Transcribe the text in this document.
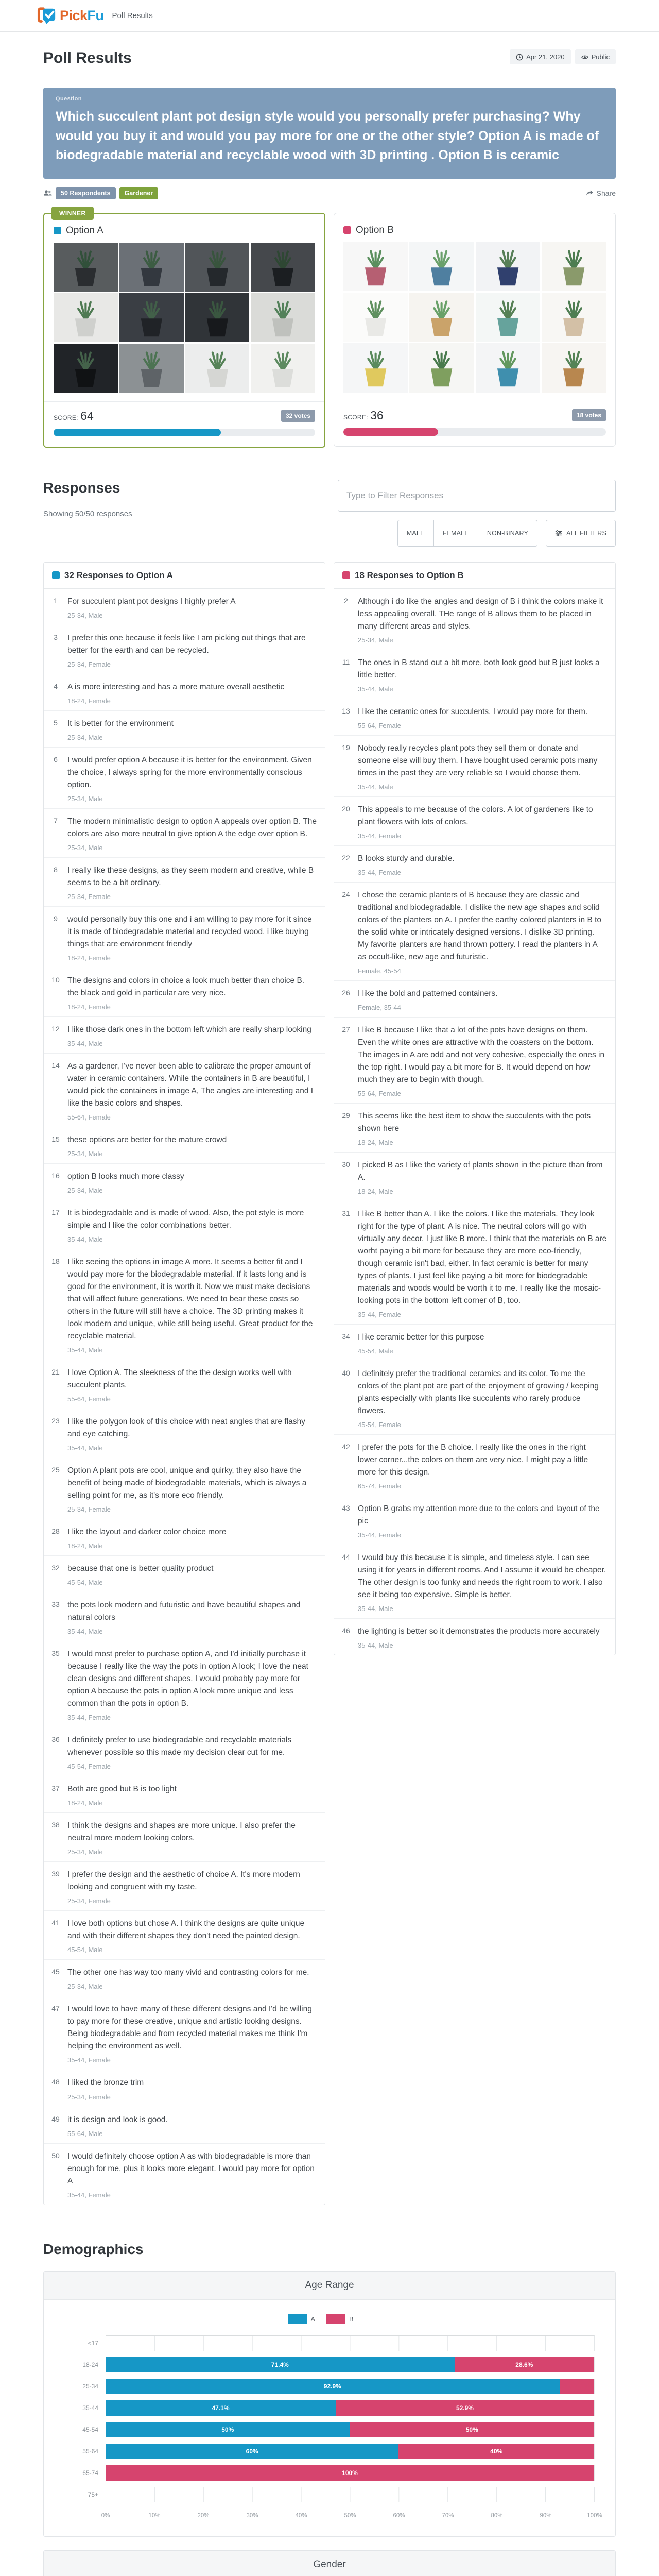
PickFu Poll Results
Poll Results	Apr 21, 2020	Public
Question
Which succulent plant pot design style would you personally prefer purchasing? Why would you buy it and would you pay more for one or the other style? Option A is made of biodegradable material and recyclable wood with 3D printing . Option B is ceramic
50 Respondents	Gardener	Share
WINNER
Option A
SCORE: 64	32 votes
Option B
SCORE: 36	18 votes
Responses
Showing 50/50 responses
Type to Filter Responses
MALE	FEMALE	NON-BINARY	ALL FILTERS
32 Responses to Option A
1	For succulent plant pot designs I highly prefer A
25-34, Male
3	I prefer this one because it feels like I am picking out things that are better for the earth and can be recycled.
25-34, Female
4	A is more interesting and has a more mature overall aesthetic
18-24, Female
5	It is better for the environment
25-34, Male
6	I would prefer option A because it is better for the environment. Given the choice, I always spring for the more environmentally conscious option.
25-34, Male
7	The modern minimalistic design to option A appeals over option B. The colors are also more neutral to give option A the edge over option B.
25-34, Male
8	I really like these designs, as they seem modern and creative, while B seems to be a bit ordinary.
25-34, Female
9	would personally buy this one and i am willing to pay more for it since it is made of biodegradable material and recycled wood. i like buying things that are environment friendly
18-24, Female
10 The designs and colors in choice a look much better than choice B. the black and gold in particular are very nice.
18-24, Female
12 I like those dark ones in the bottom left which are really sharp looking
35-44, Male
14 As a gardener, I've never been able to calibrate the proper amount of water in ceramic containers. While the containers in B are beautiful, I would pick the containers in image A, The angles are interesting and I like the basic colors and shapes.
55-64, Female
15 these options are better for the mature crowd
25-34, Male
16 option B looks much more classy
25-34, Male
17 It is biodegradable and is made of wood. Also, the pot style is more simple and I like the color combinations better.
35-44, Male
18 I like seeing the options in image A more. It seems a better fit and I would pay more for the biodegradable material. If it lasts long and is good for the environment, it is worth it. Now we must make decisions that will affect future generations. We need to bear these costs so others in the future will still have a choice. The 3D printing makes it look modern and unique, while still being useful. Great product for the recyclable material.
35-44, Male
21 I love Option A. The sleekness of the the design works well with succulent plants.
55-64, Female
23 I like the polygon look of this choice with neat angles that are flashy and eye catching.
35-44, Male
25 Option A plant pots are cool, unique and quirky, they also have the benefit of being made of biodegradable materials, which is always a selling point for me, as it's more eco friendly.
25-34, Female
28 I like the layout and darker color choice more
18-24, Male
32 because that one is better quality product
45-54, Male
33 the pots look modern and futuristic and have beautiful shapes and natural colors
35-44, Male
35 I would most prefer to purchase option A, and I'd initially purchase it because I really like the way the pots in option A look; I love the neat clean designs and different shapes. I would probably pay more for option A because the pots in option A look more unique and less common than the pots in option B.
35-44, Female
36 I definitely prefer to use biodegradable and recyclable materials whenever possible so this made my decision clear cut for me.
45-54, Female
37 Both are good but B is too light
18-24, Male
38 I think the designs and shapes are more unique. I also prefer the neutral more modern looking colors.
25-34, Male
39 I prefer the design and the aesthetic of choice A. It's more modern looking and congruent with my taste.
25-34, Female
41 I love both options but chose A. I think the designs are quite unique and with their different shapes they don't need the painted design.
45-54, Male
45 The other one has way too many vivid and contrasting colors for me.
25-34, Male
47 I would love to have many of these different designs and I'd be willing to pay more for these creative, unique and artistic looking designs. Being biodegradable and from recycled material makes me think I'm helping the environment as well.
35-44, Female
48 I liked the bronze trim
25-34, Female
49 it is design and look is good.
55-64, Male
50 I would definitely choose option A as with biodegradable is more than enough for me, plus it looks more elegant. I would pay more for option A
35-44, Female
18 Responses to Option B
2	Although i do like the angles and design of B i think the colors make it less appealing overall. THe range of B allows them to be placed in many different areas and styles.
25-34, Male
11	The ones in B stand out a bit more, both look good but B just looks a little better.
35-44, Male
13 I like the ceramic ones for succulents. I would pay more for them.
55-64, Female
19 Nobody really recycles plant pots they sell them or donate and someone else will buy them. I have bought used ceramic pots many times in the past they are very reliable so I would choose them.
35-44, Male
20 This appeals to me because of the colors. A lot of gardeners like to plant flowers with lots of colors.
35-44, Female
22 B looks sturdy and durable.
35-44, Female
24 I chose the ceramic planters of B because they are classic and traditional and biodegradable. I dislike the new age shapes and solid colors of the planters on A. I prefer the earthy colored planters in B to the solid white or intricately designed versions. I dislike 3D printing. My favorite planters are hand thrown pottery. I read the planters in A as occult-like, new age and futuristic.
Female, 45-54
26 I like the bold and patterned containers.
Female, 35-44
27 I like B because I like that a lot of the pots have designs on them. Even the white ones are attractive with the coasters on the bottom. The images in A are odd and not very cohesive, especially the ones in the top right. I would pay a bit more for B. It would depend on how much they are to begin with though.
55-64, Female
29 This seems like the best item to show the succulents with the pots shown here
18-24, Male
30 I picked B as I like the variety of plants shown in the picture than from A.
18-24, Male
31 I like B better than A. I like the colors. I like the materials. They look right for the type of plant. A is nice. The neutral colors will go with virtually any decor. I just like B more. I think that the materials on B are worht paying a bit more for because they are more eco-friendly, though ceramic isn't bad, either. In fact ceramic is better for many types of plants. I just feel like paying a bit more for biodegradable materials and woods would be worth it to me. I really like the mosaic-looking pots in the bottom left corner of B, too.
35-44, Female
34 I like ceramic better for this purpose
45-54, Male
40 I definitely prefer the traditional ceramics and its color. To me the colors of the plant pot are part of the enjoyment of growing / keeping plants especially with plants like succulents who rarely produce flowers.
45-54, Female
42 I prefer the pots for the B choice. I really like the ones in the right lower corner...the colors on them are very nice. I might pay a little more for this design.
65-74, Female
43 Option B grabs my attention more due to the colors and layout of the pic
35-44, Female
44 I would buy this because it is simple, and timeless style. I can see using it for years in different rooms. And I assume it would be cheaper. The other design is too funky and needs the right room to work. I also see it being too expensive. Simple is better.
35-44, Male
46 the lighting is better so it demonstrates the products more accurately
35-44, Male
Demographics
Age Range
A	B
<17
18-24	71.4%	28.6%
25-34	92.9%
35-44	47.1%	52.9%
45-54	50%	50%
55-64	60%	40%
65-74	100%
75+
0%	10%	20%	30%	40%	50%	60%	70%	80%	90%	100%
Gender
